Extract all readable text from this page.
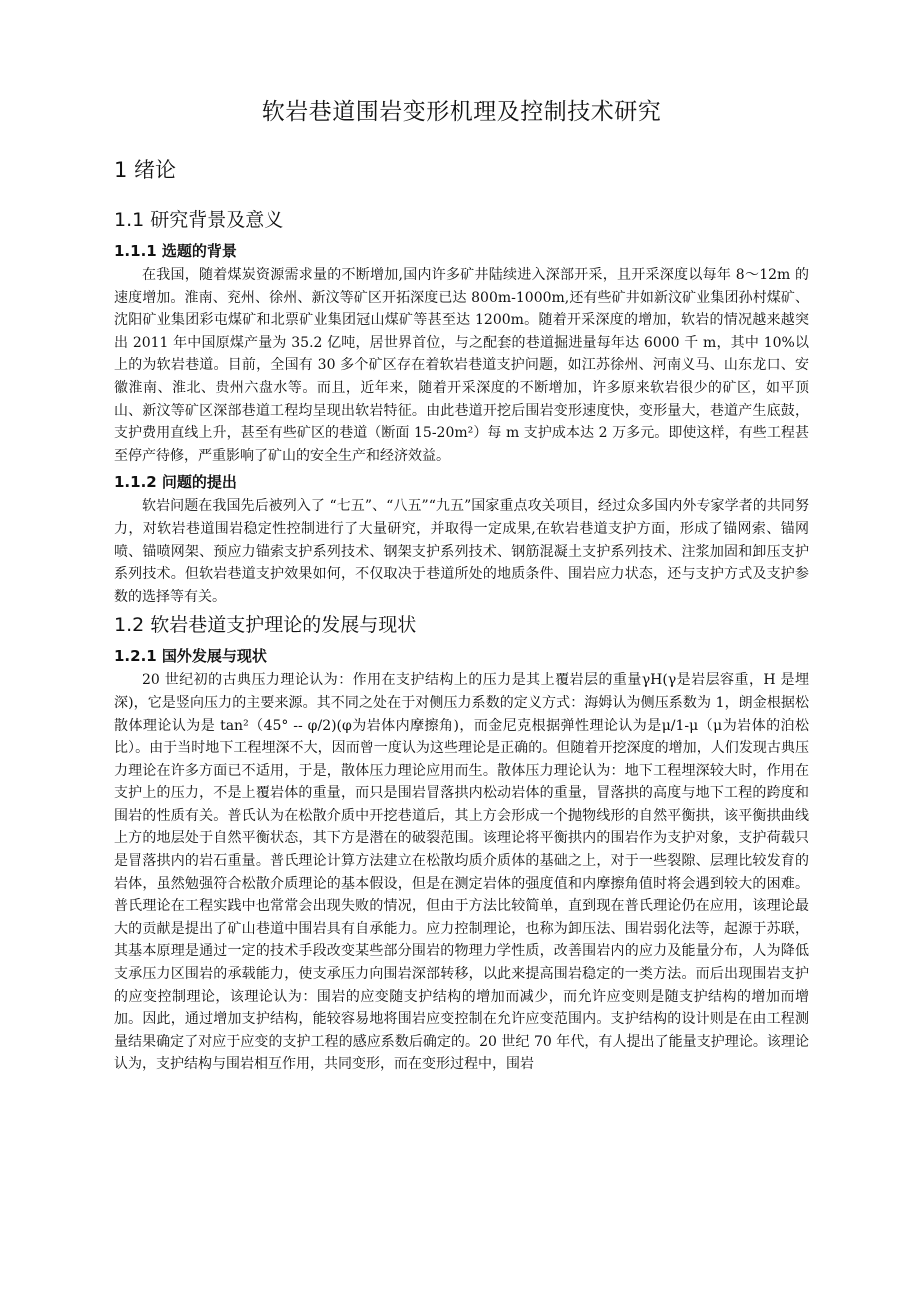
软岩巷道围岩变形机理及控制技术研究
1 绪论
1.1 研究背景及意义
1.1.1 选题的背景

在我国，随着煤炭资源需求量的不断增加,国内许多矿井陆续进入深部开采，且开采深度以每年 8～12m 的速度增加。淮南、兖州、徐州、新汶等矿区开拓深度已达 800m-1000m,还有些矿井如新汶矿业集团孙村煤矿、沈阳矿业集团彩屯煤矿和北票矿业集团冠山煤矿等甚至达 1200m。随着开采深度的增加，软岩的情况越来越突出 2011 年中国原煤产量为 35.2 亿吨，居世界首位，与之配套的巷道掘进量每年达 6000 千 m，其中 10%以上的为软岩巷道。目前，全国有 30 多个矿区存在着软岩巷道支护问题，如江苏徐州、河南义马、山东龙口、安徽淮南、淮北、贵州六盘水等。而且，近年来，随着开采深度的不断增加，许多原来软岩很少的矿区，如平顶山、新汶等矿区深部巷道工程均呈现出软岩特征。由此巷道开挖后围岩变形速度快，变形量大，巷道产生底鼓，支护费用直线上升，甚至有些矿区的巷道（断面 15-20m²）每 m 支护成本达 2 万多元。即使这样，有些工程甚至停产待修，严重影响了矿山的安全生产和经济效益。

1.1.2 问题的提出

软岩问题在我国先后被列入了 “七五”、“八五”“九五”国家重点攻关项目，经过众多国内外专家学者的共同努力，对软岩巷道围岩稳定性控制进行了大量研究，并取得一定成果,在软岩巷道支护方面，形成了锚网索、锚网喷、锚喷网架、预应力锚索支护系列技术、钢架支护系列技术、钢筋混凝土支护系列技术、注浆加固和卸压支护系列技术。但软岩巷道支护效果如何，不仅取决于巷道所处的地质条件、围岩应力状态，还与支护方式及支护参数的选择等有关。

1.2 软岩巷道支护理论的发展与现状
1.2.1 国外发展与现状

20 世纪初的古典压力理论认为：作用在支护结构上的压力是其上覆岩层的重量γH(γ是岩层容重，H 是埋深)，它是竖向压力的主要来源。其不同之处在于对侧压力系数的定义方式：海姆认为侧压系数为 1，朗金根据松散体理论认为是 tan²（45° -- φ/2)(φ为岩体内摩擦角)，而金尼克根据弹性理论认为是μ/1-μ（μ为岩体的泊松比）。由于当时地下工程埋深不大，因而曾一度认为这些理论是正确的。但随着开挖深度的增加，人们发现古典压力理论在许多方面已不适用，于是，散体压力理论应用而生。散体压力理论认为：地下工程埋深较大时，作用在支护上的压力，不是上覆岩体的重量，而只是围岩冒落拱内松动岩体的重量，冒落拱的高度与地下工程的跨度和围岩的性质有关。普氏认为在松散介质中开挖巷道后，其上方会形成一个抛物线形的自然平衡拱，该平衡拱曲线上方的地层处于自然平衡状态，其下方是潜在的破裂范围。该理论将平衡拱内的围岩作为支护对象，支护荷载只是冒落拱内的岩石重量。普氏理论计算方法建立在松散均质介质体的基础之上，对于一些裂隙、层理比较发育的岩体，虽然勉强符合松散介质理论的基本假设，但是在测定岩体的强度值和内摩擦角值时将会遇到较大的困难。普氏理论在工程实践中也常常会出现失败的情况，但由于方法比较简单，直到现在普氏理论仍在应用，该理论最大的贡献是提出了矿山巷道中围岩具有自承能力。应力控制理论，也称为卸压法、围岩弱化法等，起源于苏联，其基本原理是通过一定的技术手段改变某些部分围岩的物理力学性质，改善围岩内的应力及能量分布，人为降低支承压力区围岩的承载能力，使支承压力向围岩深部转移，以此来提高围岩稳定的一类方法。而后出现围岩支护的应变控制理论，该理论认为：围岩的应变随支护结构的增加而减少，而允许应变则是随支护结构的增加而增加。因此，通过增加支护结构，能较容易地将围岩应变控制在允许应变范围内。支护结构的设计则是在由工程测量结果确定了对应于应变的支护工程的感应系数后确定的。20 世纪 70 年代，有人提出了能量支护理论。该理论认为，支护结构与围岩相互作用，共同变形，而在变形过程中，围岩
